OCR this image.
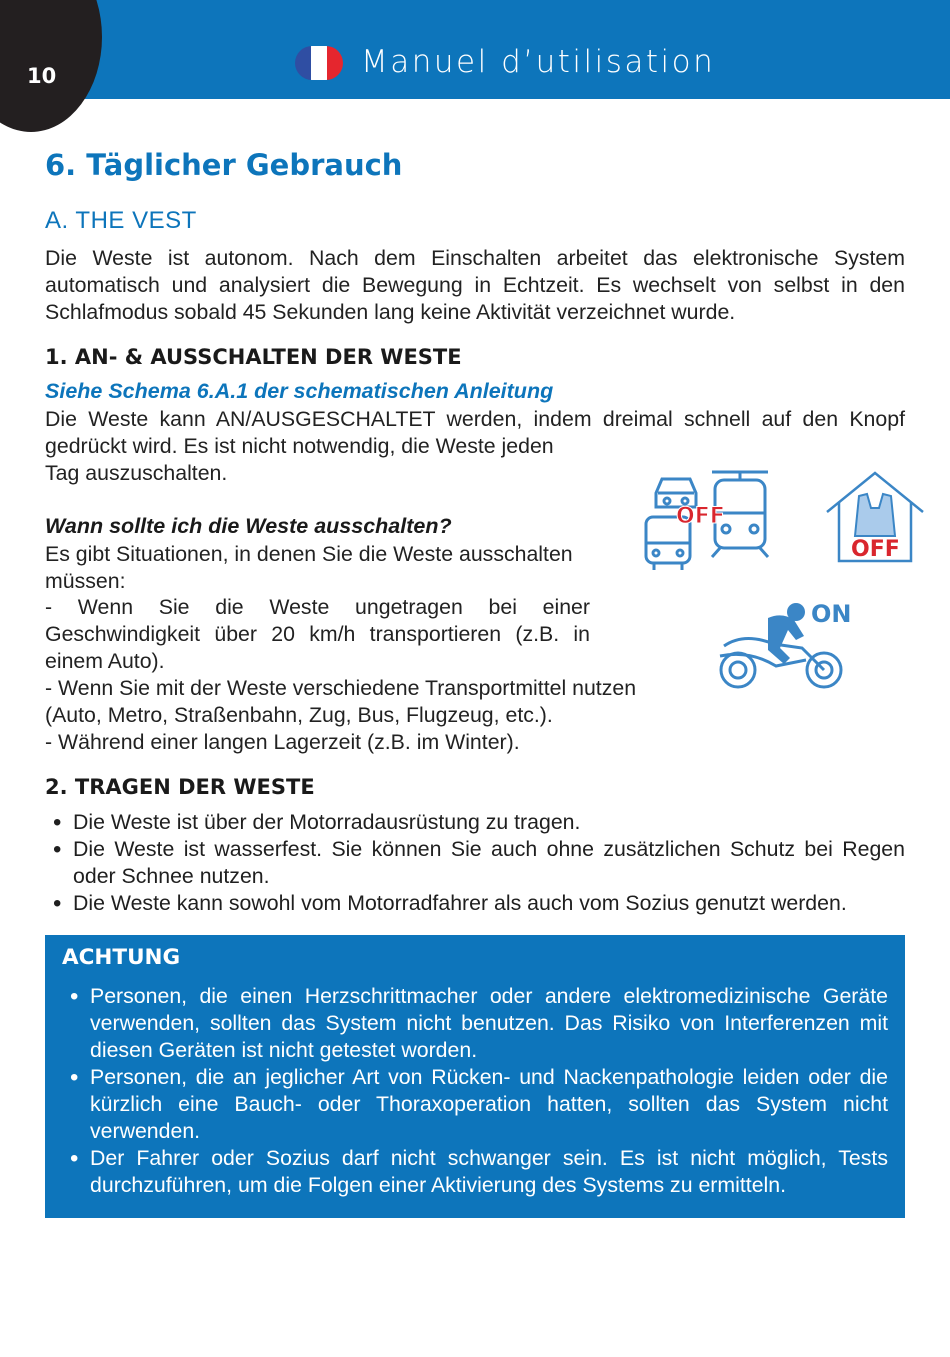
10	Manuel d’utilisation
6. Täglicher Gebrauch
A. THE VEST

Die Weste ist autonom. Nach dem Einschalten arbeitet das elektronische System automatisch und analysiert die Bewegung in Echtzeit. Es wechselt von selbst in den Schlafmodus sobald 45 Sekunden lang keine Aktivität verzeichnet wurde.

1. AN- & AUSSCHALTEN DER WESTE

Siehe Schema 6.A.1 der schematischen Anleitung

Die Weste kann AN/AUSGESCHALTET werden, indem dreimal schnell auf den Knopf

gedrückt wird. Es ist nicht notwendig, die Weste jeden

Tag auszuschalten.

Wann sollte ich die Weste ausschalten?

Es gibt Situationen, in denen Sie die Weste ausschalten müssen:

- Wenn Sie die Weste ungetragen bei einer Geschwindigkeit über 20 km/h transportieren (z.B. in einem Auto).

- Wenn Sie mit der Weste verschiedene Transportmittel nutzen (Auto, Metro, Straßenbahn, Zug, Bus, Flugzeug, etc.).

- Während einer langen Lagerzeit (z.B. im Winter).

OFF
OFF
ON
2. TRAGEN DER WESTE
• Die Weste ist über der Motorradausrüstung zu tragen.
• Die Weste ist wasserfest. Sie können Sie auch ohne zusätzlichen Schutz bei Regen oder Schnee nutzen.
• Die Weste kann sowohl vom Motorradfahrer als auch vom Sozius genutzt werden.
ACHTUNG
• Personen, die einen Herzschrittmacher oder andere elektromedizinische Geräte verwenden, sollten das System nicht benutzen. Das Risiko von Interferenzen mit diesen Geräten ist nicht getestet worden.
• Personen, die an jeglicher Art von Rücken- und Nackenpathologie leiden oder die kürzlich eine Bauch- oder Thoraxoperation hatten, sollten das System nicht verwenden.
• Der Fahrer oder Sozius darf nicht schwanger sein. Es ist nicht möglich, Tests durchzuführen, um die Folgen einer Aktivierung des Systems zu ermitteln.
